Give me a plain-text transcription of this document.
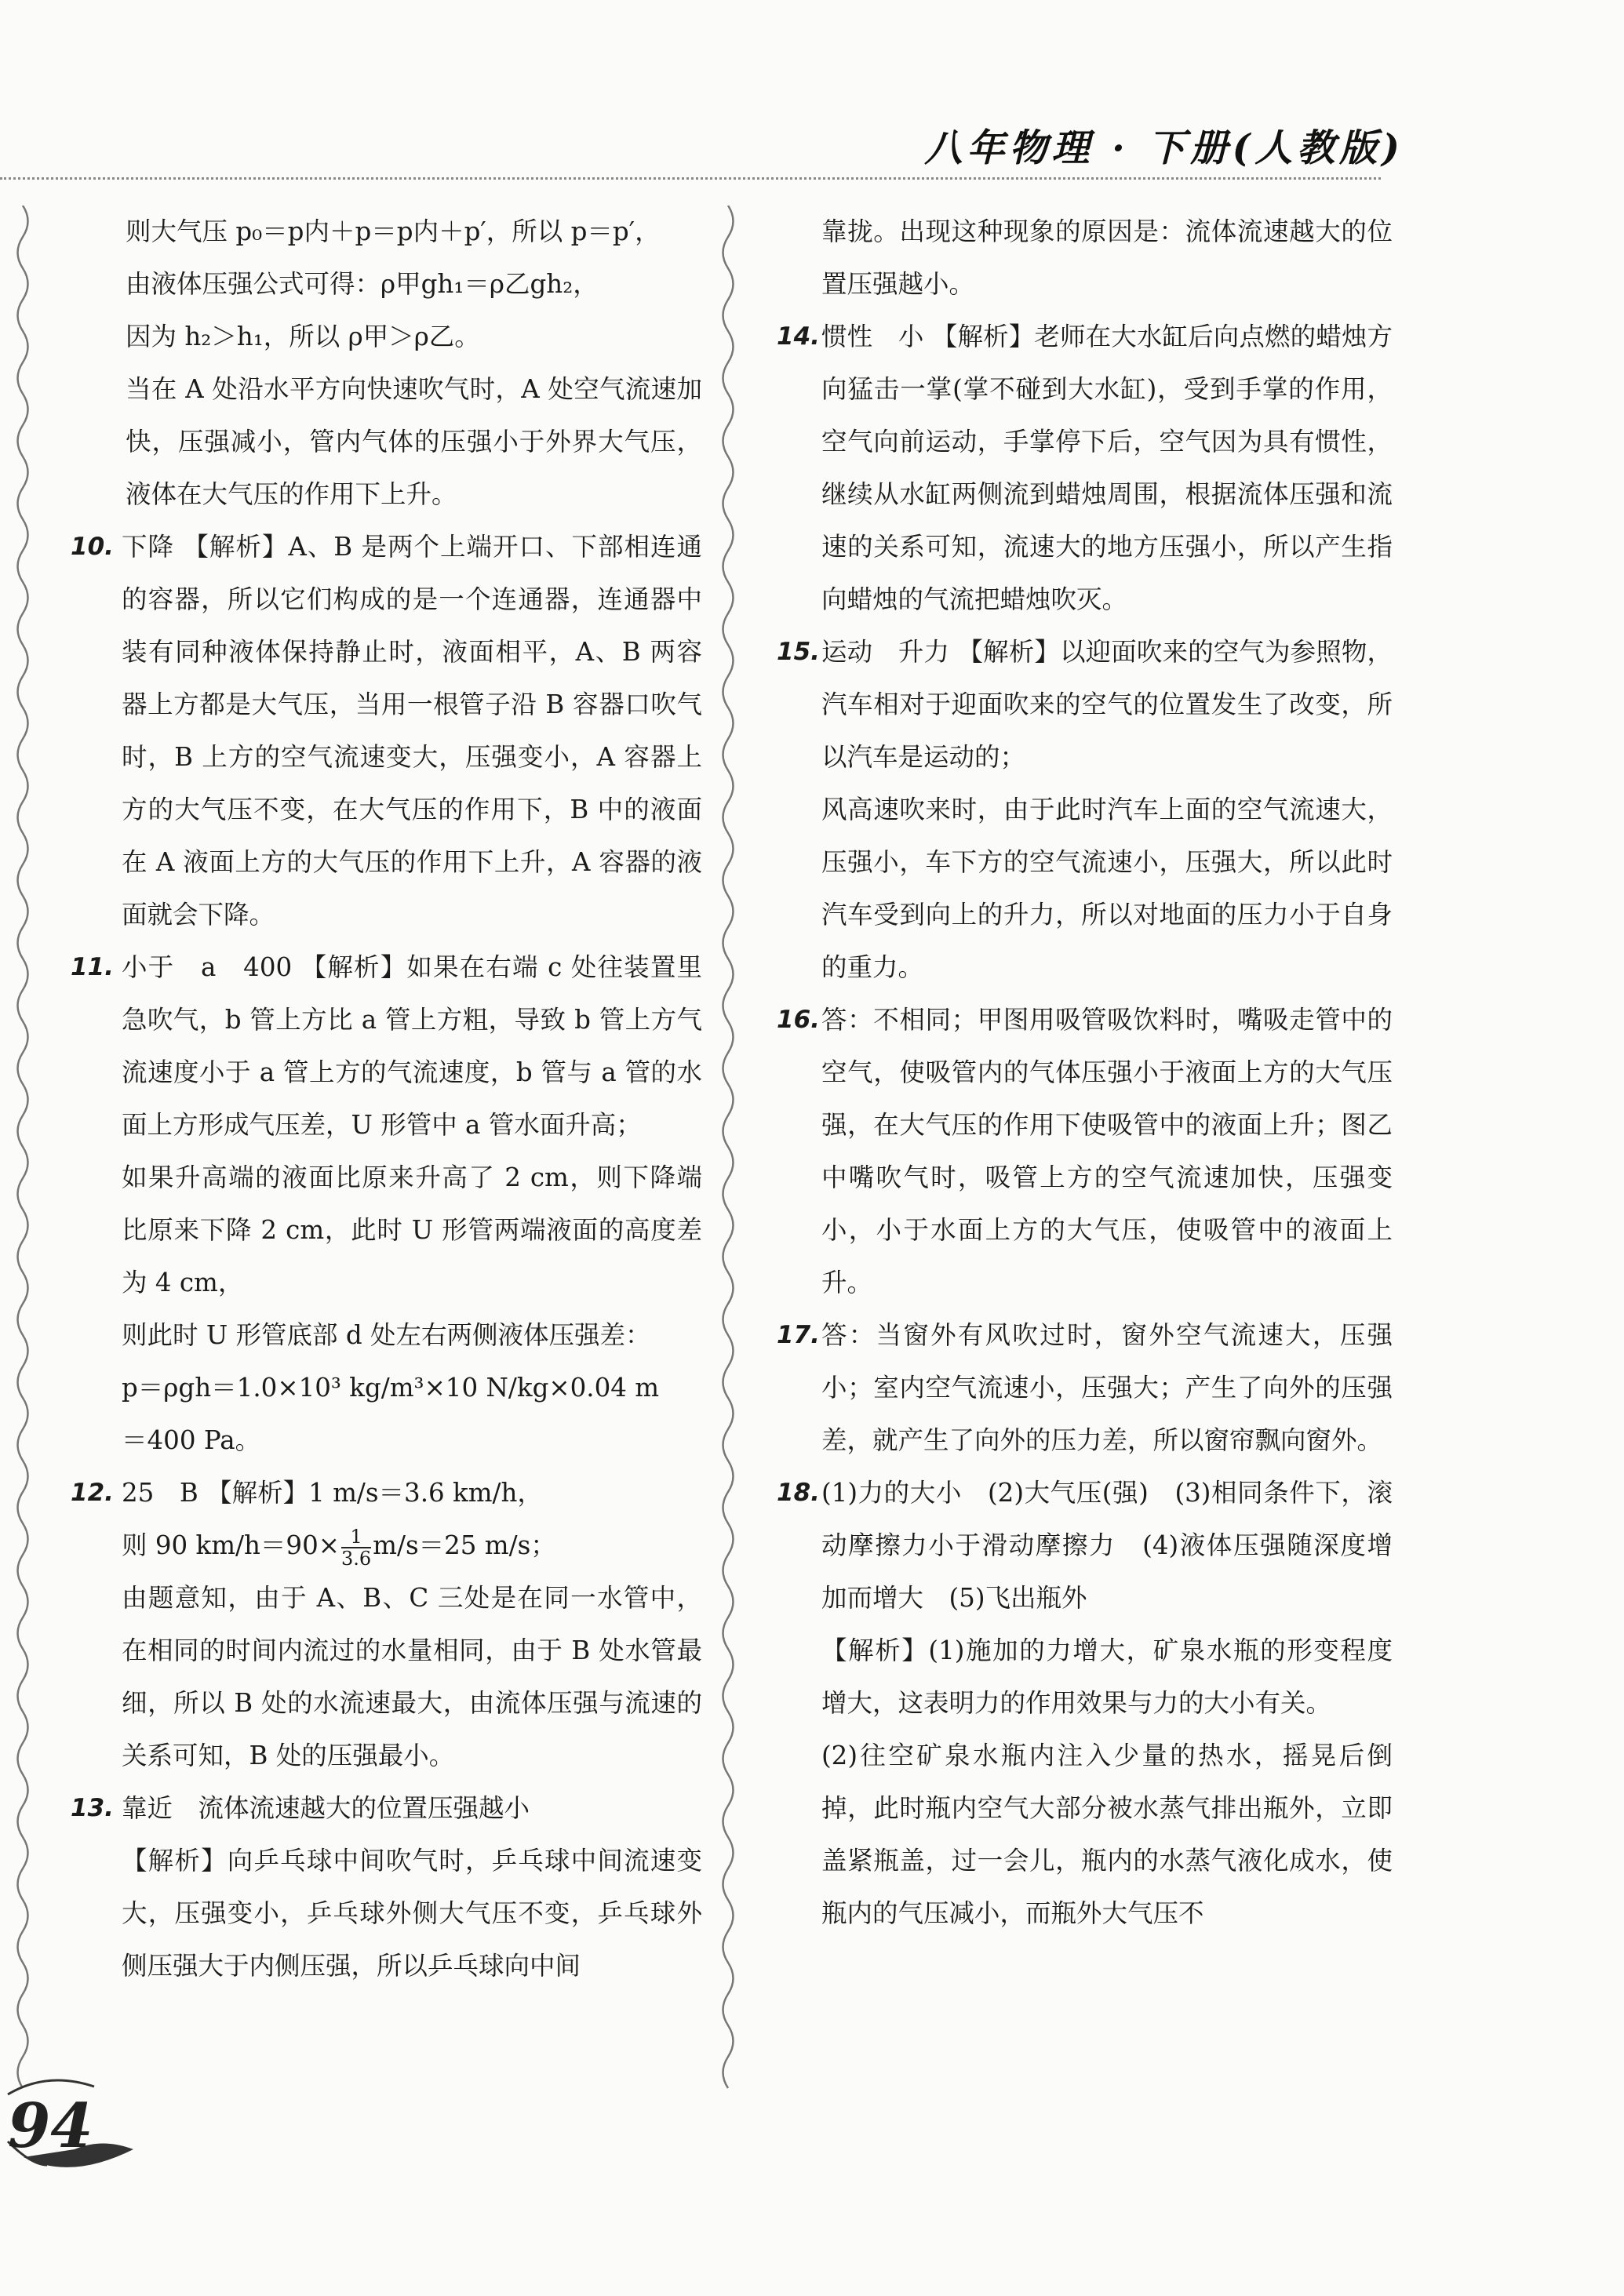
八年物理 · 下册(人教版)

则大气压 p₀＝p内＋p＝p内＋p′，所以 p＝p′，

由液体压强公式可得：ρ甲gh₁＝ρ乙gh₂，

因为 h₂＞h₁，所以 ρ甲＞ρ乙。

当在 A 处沿水平方向快速吹气时，A 处空气流速加快，压强减小，管内气体的压强小于外界大气压，液体在大气压的作用下上升。

10. 下降 【解析】A、B 是两个上端开口、下部相连通的容器，所以它们构成的是一个连通器，连通器中装有同种液体保持静止时，液面相平，A、B 两容器上方都是大气压，当用一根管子沿 B 容器口吹气时，B 上方的空气流速变大，压强变小，A 容器上方的大气压不变，在大气压的作用下，B 中的液面在 A 液面上方的大气压的作用下上升，A 容器的液面就会下降。

11. 小于　a　400 【解析】如果在右端 c 处往装置里急吹气，b 管上方比 a 管上方粗，导致 b 管上方气流速度小于 a 管上方的气流速度，b 管与 a 管的水面上方形成气压差，U 形管中 a 管水面升高；

如果升高端的液面比原来升高了 2 cm，则下降端比原来下降 2 cm，此时 U 形管两端液面的高度差为 4 cm，

则此时 U 形管底部 d 处左右两侧液体压强差：

p＝ρgh＝1.0×10³ kg/m³×10 N/kg×0.04 m

＝400 Pa。

12. 25　B 【解析】1 m/s＝3.6 km/h，

则 90 $km/h=90\times \frac{1}{3.6} m/s=25$ m/s；

由题意知，由于 A、B、C 三处是在同一水管中，在相同的时间内流过的水量相同，由于 B 处水管最细，所以 B 处的水流速最大，由流体压强与流速的关系可知，B 处的压强最小。

13. 靠近　流体流速越大的位置压强越小

【解析】向乒乓球中间吹气时，乒乓球中间流速变大，压强变小，乒乓球外侧大气压不变，乒乓球外侧压强大于内侧压强，所以乒乓球向中间

靠拢。出现这种现象的原因是：流体流速越大的位置压强越小。

14. 惯性　小 【解析】老师在大水缸后向点燃的蜡烛方向猛击一掌(掌不碰到大水缸)，受到手掌的作用，空气向前运动，手掌停下后，空气因为具有惯性，继续从水缸两侧流到蜡烛周围，根据流体压强和流速的关系可知，流速大的地方压强小，所以产生指向蜡烛的气流把蜡烛吹灭。

15. 运动　升力 【解析】以迎面吹来的空气为参照物，汽车相对于迎面吹来的空气的位置发生了改变，所以汽车是运动的；

风高速吹来时，由于此时汽车上面的空气流速大，压强小，车下方的空气流速小，压强大，所以此时汽车受到向上的升力，所以对地面的压力小于自身的重力。

16. 答：不相同；甲图用吸管吸饮料时，嘴吸走管中的空气，使吸管内的气体压强小于液面上方的大气压强，在大气压的作用下使吸管中的液面上升；图乙中嘴吹气时，吸管上方的空气流速加快，压强变小，小于水面上方的大气压，使吸管中的液面上升。

17. 答：当窗外有风吹过时，窗外空气流速大，压强小；室内空气流速小，压强大；产生了向外的压强差，就产生了向外的压力差，所以窗帘飘向窗外。

18. (1)力的大小　(2)大气压(强)　(3)相同条件下，滚动摩擦力小于滑动摩擦力　(4)液体压强随深度增加而增大　(5)飞出瓶外

【解析】(1)施加的力增大，矿泉水瓶的形变程度增大，这表明力的作用效果与力的大小有关。

(2)往空矿泉水瓶内注入少量的热水，摇晃后倒掉，此时瓶内空气大部分被水蒸气排出瓶外，立即盖紧瓶盖，过一会儿，瓶内的水蒸气液化成水，使瓶内的气压减小，而瓶外大气压不

94
